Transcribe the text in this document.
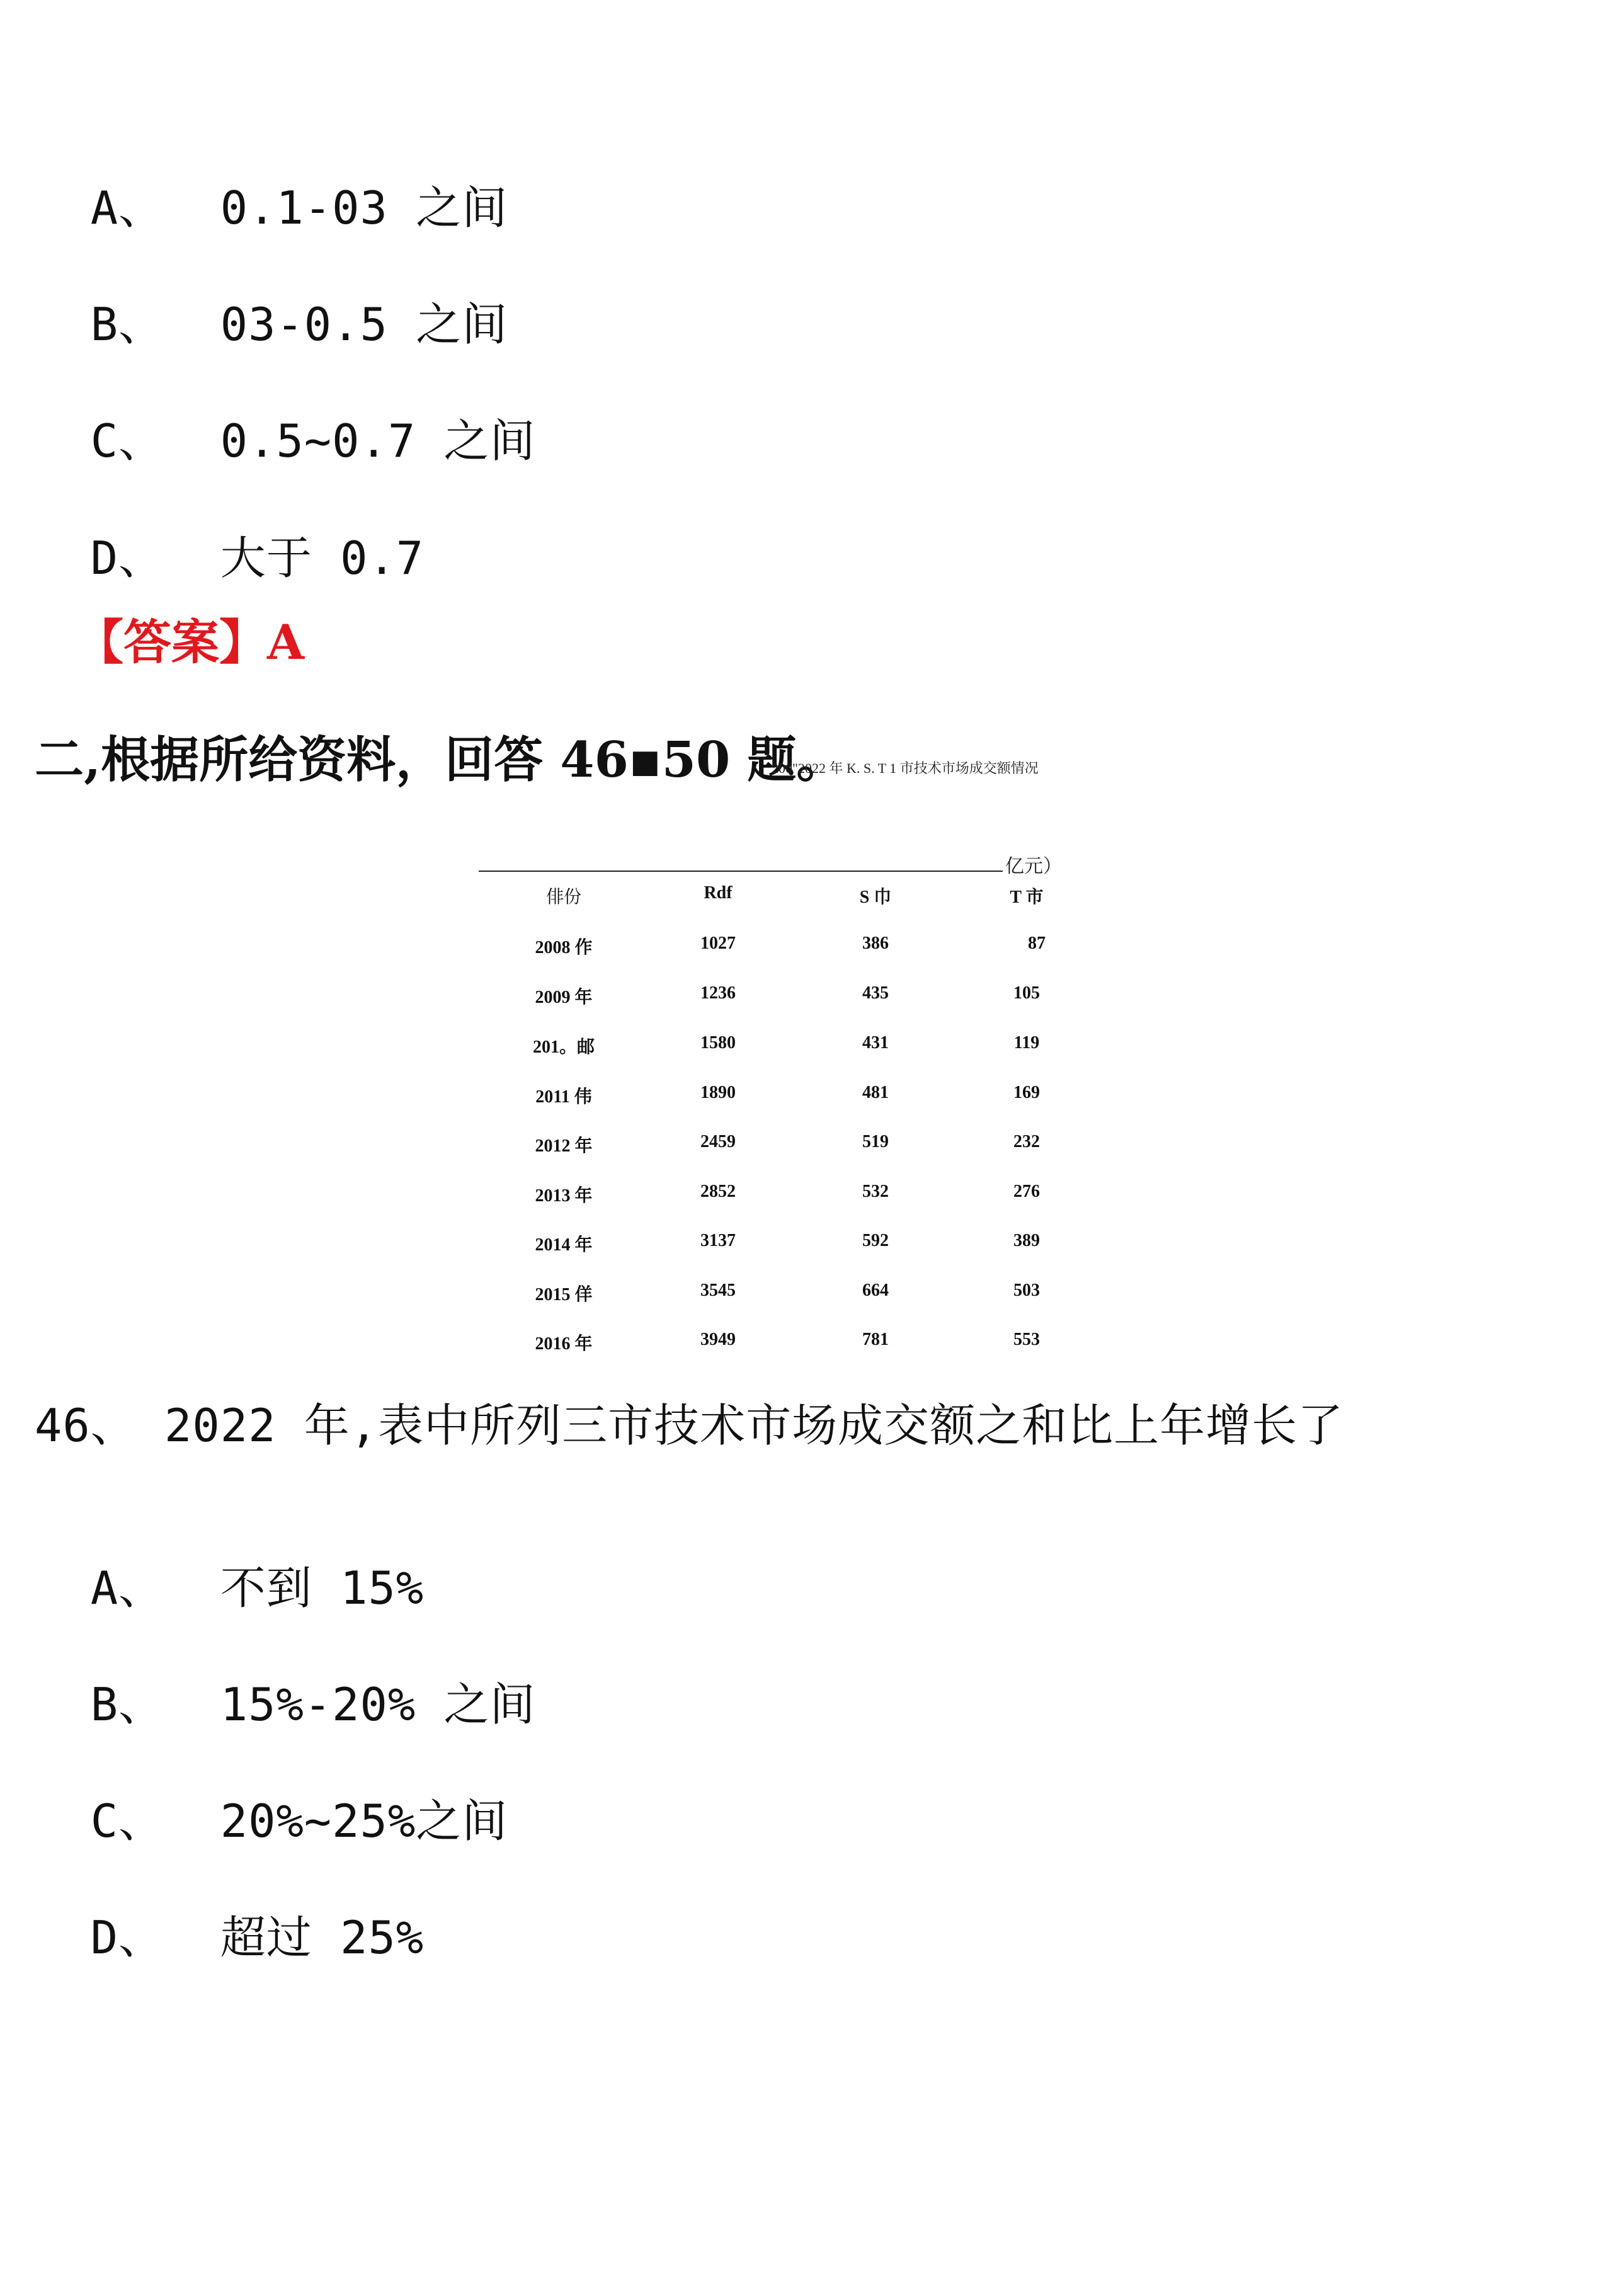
A、 0.1-03 之间

B、 03-0.5 之间

C、 0.5~0.7 之间

D、 大于 0.7

【答案】A
二,根据所给资料，回答 46▪50 题。
200"2022 年 K. S. T 1 市技术市场成交额情况
亿元）
俳份	Rdf	S 巾	T 市
2008 作	1027	386	87
2009 年	1236	435	105
201。邮	1580	431	119
2011 伟	1890	481	169
2012 年	2459	519	232
2013 年	2852	532	276
2014 年	3137	592	389
2015 佯	3545	664	503
2016 年	3949	781	553
46、 2022 年,表中所列三市技术市场成交额之和比上年增长了

A、 不到 15%

B、 15%-20% 之间

C、 20%~25%之间

D、 超过 25%
